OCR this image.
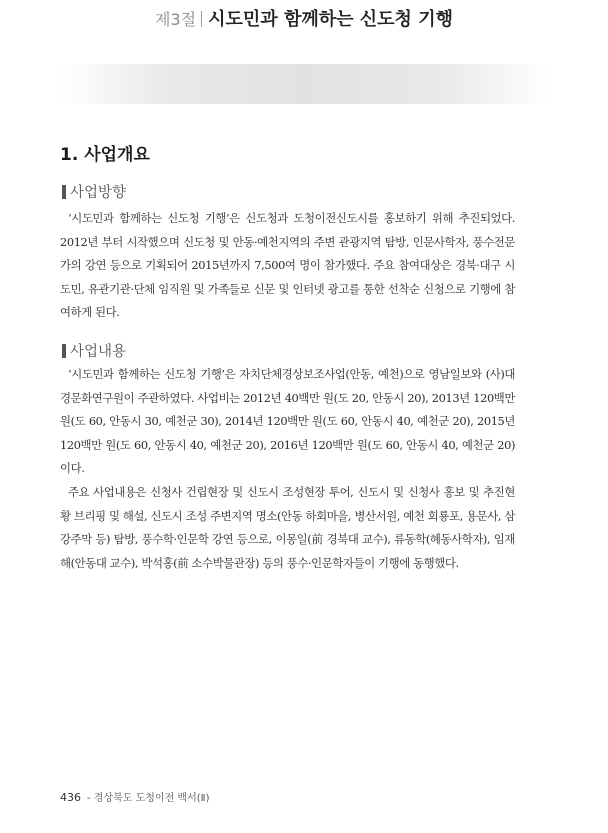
제3절 시도민과 함께하는 신도청 기행
1. 사업개요
사업방향

‘시도민과 함께하는 신도청 기행’은 신도청과 도청이전신도시를 홍보하기 위해 추진되었다. 2012년 부터 시작했으며 신도청 및 안동·예천지역의 주변 관광지역 탐방, 인문사학자, 풍수전문가의 강연 등으로 기획되어 2015년까지 7,500여 명이 참가했다. 주요 참여대상은 경북·대구 시도민, 유관기관·단체 임직원 및 가족들로 신문 및 인터넷 광고를 통한 선착순 신청으로 기행에 참여하게 된다.

사업내용

‘시도민과 함께하는 신도청 기행’은 자치단체경상보조사업(안동, 예천)으로 영남일보와 (사)대경문화연구원이 주관하였다. 사업비는 2012년 40백만 원(도 20, 안동시 20), 2013년 120백만 원(도 60, 안동시 30, 예천군 30), 2014년 120백만 원(도 60, 안동시 40, 예천군 20), 2015년 120백만 원(도 60, 안동시 40, 예천군 20), 2016년 120백만 원(도 60, 안동시 40, 예천군 20)이다.

주요 사업내용은 신청사 건립현장 및 신도시 조성현장 투어, 신도시 및 신청사 홍보 및 추진현황 브리핑 및 해설, 신도시 조성 주변지역 명소(안동 하회마을, 병산서원, 예천 회룡포, 용문사, 삼강주막 등) 탐방, 풍수학·인문학 강연 등으로, 이몽일(前 경북대 교수), 류동학(혜동사학자), 임재해(안동대 교수), 박석홍(前 소수박물관장) 등의 풍수·인문학자들이 기행에 동행했다.

436 - 경상북도 도청이전 백서(Ⅱ)
